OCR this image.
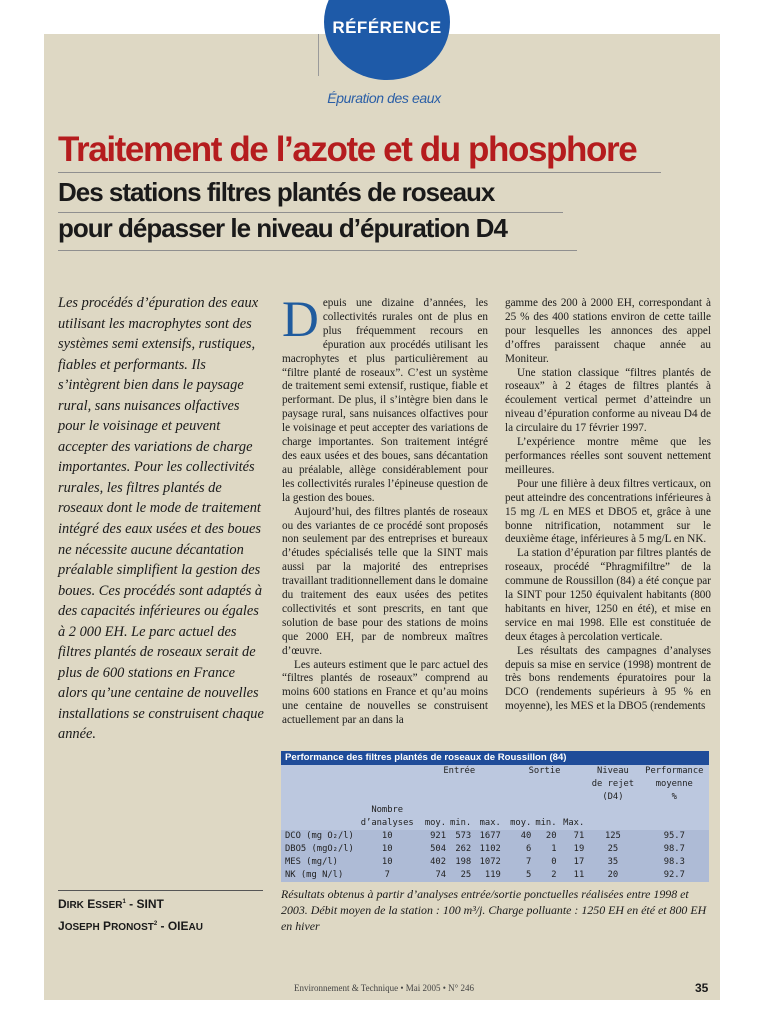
RÉFÉRENCE
Épuration des eaux
Traitement de l’azote et du phosphore
Des stations filtres plantés de roseaux
pour dépasser le niveau d’épuration D4

Les procédés d’épuration des eaux utilisant les macrophytes sont des systèmes semi extensifs, rustiques, fiables et performants. Ils s’intègrent bien dans le paysage rural, sans nuisances olfactives pour le voisinage et peuvent accepter des variations de charge importantes. Pour les collectivités rurales, les filtres plantés de roseaux dont le mode de traitement intégré des eaux usées et des boues ne nécessite aucune décantation préalable simplifient la gestion des boues. Ces procédés sont adaptés à des capacités inférieures ou égales à 2 000 EH. Le parc actuel des filtres plantés de roseaux serait de plus de 600 stations en France alors qu’une centaine de nouvelles installations se construisent chaque année.

Depuis une dizaine d’années, les collectivités rurales ont de plus en plus fréquemment recours en épuration aux procédés utilisant les macrophytes et plus particulièrement au “filtre planté de roseaux”. C’est un système de traitement semi extensif, rustique, fiable et performant. De plus, il s’intègre bien dans le paysage rural, sans nuisances olfactives pour le voisinage et peut accepter des variations de charge importantes. Son traitement intégré des eaux usées et des boues, sans décantation au préalable, allège considérablement pour les collectivités rurales l’épineuse question de la gestion des boues.

Aujourd’hui, des filtres plantés de roseaux ou des variantes de ce procédé sont proposés non seulement par des entreprises et bureaux d’études spécialisés telle que la SINT mais aussi par la majorité des entreprises travaillant traditionnellement dans le domaine du traitement des eaux usées des petites collectivités et sont prescrits, en tant que solution de base pour des stations de moins que 2000 EH, par de nombreux maîtres d’œuvre.

Les auteurs estiment que le parc actuel des “filtres plantés de roseaux” comprend au moins 600 stations en France et qu’au moins une centaine de nouvelles se construisent actuellement par an dans la

gamme des 200 à 2000 EH, correspondant à 25 % des 400 stations environ de cette taille pour lesquelles les annonces des appel d’offres paraissent chaque année au Moniteur.

Une station classique “filtres plantés de roseaux” à 2 étages de filtres plantés à écoulement vertical permet d’atteindre un niveau d’épuration conforme au niveau D4 de la circulaire du 17 février 1997.

L’expérience montre même que les performances réelles sont souvent nettement meilleures.

Pour une filière à deux filtres verticaux, on peut atteindre des concentrations inférieures à 15 mg /L en MES et DBO5 et, grâce à une bonne nitrification, notamment sur le deuxième étage, inférieures à 5 mg/L en NK.

La station d’épuration par filtres plantés de roseaux, procédé “Phragmifiltre” de la commune de Roussillon (84) a été conçue par la SINT pour 1250 équivalent habitants (800 habitants en hiver, 1250 en été), et mise en service en mai 1998. Elle est constituée de deux étages à percolation verticale.

Les résultats des campagnes d’analyses depuis sa mise en service (1998) montrent de très bons rendements épuratoires pour la DCO (rendements supérieurs à 95 % en moyenne), les MES et la DBO5 (rendements

Performance des filtres plantés de roseaux de Roussillon (84)
		Entrée			Sortie			Niveau	Performance
								de rejet	moyenne
								(D4)	%
	Nombre								
	d’analyses	moy.	min.	max.	moy.	min.	Max.		
DCO (mg O₂/l)	10	921	573	1677	40	20	71	125	95.7
DBO5 (mgO₂/l)	10	504	262	1102	6	1	19	25	98.7
MES (mg/l)	10	402	198	1072	7	0	17	35	98.3
NK (mg N/l)	7	74	25	119	5	2	11	20	92.7
Résultats obtenus à partir d’analyses entrée/sortie ponctuelles réalisées entre 1998 et 2003. Débit moyen de la station : 100 m³/j. Charge polluante : 1250 EH en été et 800 EH en hiver
DIRK ESSER$^1$ - SINT
JOSEPH PRONOST$^2$ - OIEAU
Environnement & Technique • Mai 2005 • N° 246	35
